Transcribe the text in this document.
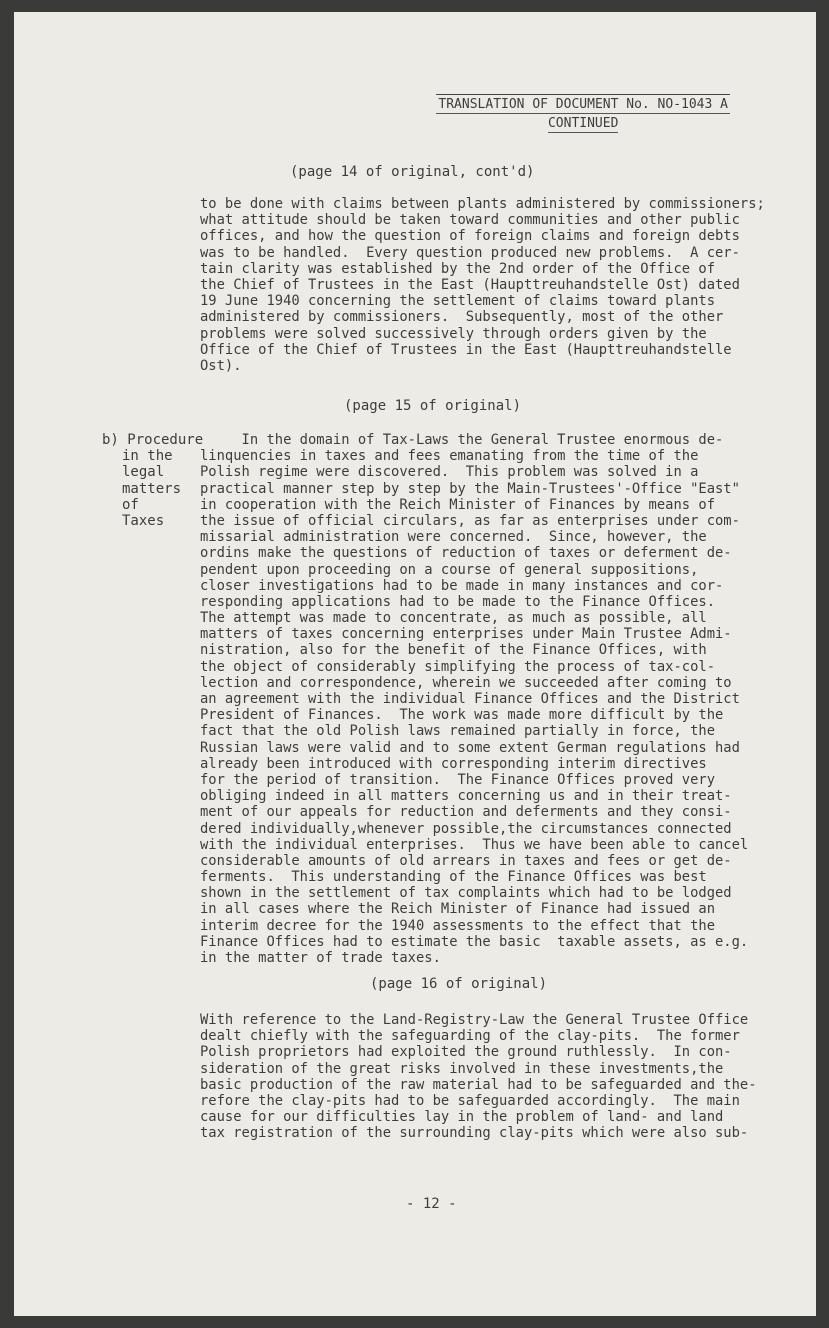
TRANSLATION OF DOCUMENT No. NO-1043 A
CONTINUED
(page 14 of original, cont'd)
to be done with claims between plants administered by commissioners;
what attitude should be taken toward communities and other public
offices, and how the question of foreign claims and foreign debts
was to be handled.  Every question produced new problems.  A cer-
tain clarity was established by the 2nd order of the Office of
the Chief of Trustees in the East (Haupttreuhandstelle Ost) dated
19 June 1940 concerning the settlement of claims toward plants
administered by commissioners.  Subsequently, most of the other
problems were solved successively through orders given by the
Office of the Chief of Trustees in the East (Haupttreuhandstelle
Ost).
(page 15 of original)
b) Procedure
in the
legal
matters
of
Taxes
In the domain of Tax-Laws the General Trustee enormous de-
linquencies in taxes and fees emanating from the time of the
Polish regime were discovered.  This problem was solved in a
practical manner step by step by the Main-Trustees'-Office "East"
in cooperation with the Reich Minister of Finances by means of
the issue of official circulars, as far as enterprises under com-
missarial administration were concerned.  Since, however, the
ordins make the questions of reduction of taxes or deferment de-
pendent upon proceeding on a course of general suppositions,
closer investigations had to be made in many instances and cor-
responding applications had to be made to the Finance Offices.
The attempt was made to concentrate, as much as possible, all
matters of taxes concerning enterprises under Main Trustee Admi-
nistration, also for the benefit of the Finance Offices, with
the object of considerably simplifying the process of tax-col-
lection and correspondence, wherein we succeeded after coming to
an agreement with the individual Finance Offices and the District
President of Finances.  The work was made more difficult by the
fact that the old Polish laws remained partially in force, the
Russian laws were valid and to some extent German regulations had
already been introduced with corresponding interim directives
for the period of transition.  The Finance Offices proved very
obliging indeed in all matters concerning us and in their treat-
ment of our appeals for reduction and deferments and they consi-
dered individually,whenever possible,the circumstances connected
with the individual enterprises.  Thus we have been able to cancel
considerable amounts of old arrears in taxes and fees or get de-
ferments.  This understanding of the Finance Offices was best
shown in the settlement of tax complaints which had to be lodged
in all cases where the Reich Minister of Finance had issued an
interim decree for the 1940 assessments to the effect that the
Finance Offices had to estimate the basic  taxable assets, as e.g.
in the matter of trade taxes.
(page 16 of original)
With reference to the Land-Registry-Law the General Trustee Office
dealt chiefly with the safeguarding of the clay-pits.  The former
Polish proprietors had exploited the ground ruthlessly.  In con-
sideration of the great risks involved in these investments,the
basic production of the raw material had to be safeguarded and the-
refore the clay-pits had to be safeguarded accordingly.  The main
cause for our difficulties lay in the problem of land- and land
tax registration of the surrounding clay-pits which were also sub-
- 12 -
